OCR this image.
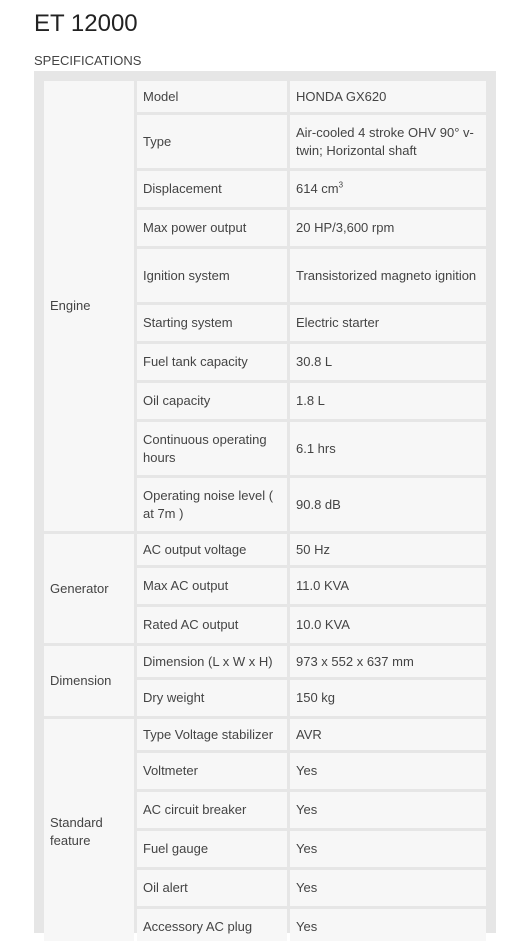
ET 12000
SPECIFICATIONS
Engine	Model	HONDA GX620
	Type	Air-cooled 4 stroke OHV 90° v-twin; Horizontal shaft
	Displacement	614 $cm^3$
	Max power output	20 HP/3,600 rpm
	Ignition system	Transistorized magneto ignition
	Starting system	Electric starter
	Fuel tank capacity	30.8 L
	Oil capacity	1.8 L
	Continuous operating hours	6.1 hrs
	Operating noise level ( at 7m )	90.8 dB
Generator	AC output voltage	50 Hz
	Max AC output	11.0 KVA
	Rated AC output	10.0 KVA
Dimension	Dimension (L x W x H)	973 x 552 x 637 mm
	Dry weight	150 kg
Standard feature	Type Voltage stabilizer	AVR
	Voltmeter	Yes
	AC circuit breaker	Yes
	Fuel gauge	Yes
	Oil alert	Yes
	Accessory AC plug	Yes
